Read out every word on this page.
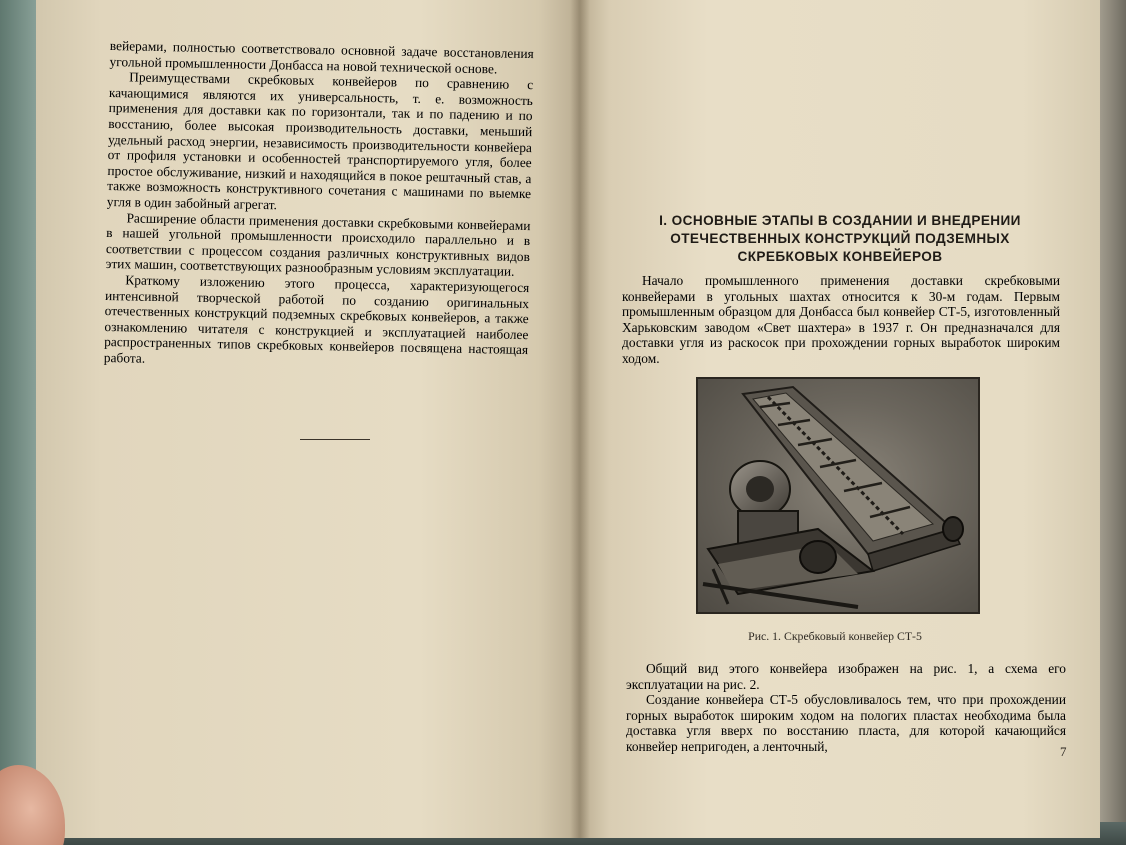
вейерами, полностью соответствовало основной задаче восстановления угольной промышленности Донбасса на новой технической основе.

Преимуществами скребковых конвейеров по сравнению с качающимися являются их универсальность, т. е. возможность применения для доставки как по горизонтали, так и по падению и по восстанию, более высокая производительность доставки, меньший удельный расход энергии, независимость производительности конвейера от профиля установки и особенностей транспортируемого угля, более простое обслуживание, низкий и находящийся в покое рештачный став, а также возможность конструктивного сочетания с машинами по выемке угля в один забойный агрегат.

Расширение области применения доставки скребковыми конвейерами в нашей угольной промышленности происходило параллельно и в соответствии с процессом создания различных конструктивных видов этих машин, соответствующих разнообразным условиям эксплуатации.

Краткому изложению этого процесса, характеризующегося интенсивной творческой работой по созданию оригинальных отечественных конструкций подземных скребковых конвейеров, а также ознакомлению читателя с конструкцией и эксплуатацией наиболее распространенных типов скребковых конвейеров посвящена настоящая работа.

I. ОСНОВНЫЕ ЭТАПЫ В СОЗДАНИИ И ВНЕДРЕНИИ ОТЕЧЕСТВЕННЫХ КОНСТРУКЦИЙ ПОДЗЕМНЫХ СКРЕБКОВЫХ КОНВЕЙЕРОВ

Начало промышленного применения доставки скребковыми конвейерами в угольных шахтах относится к 30-м годам. Первым промышленным образцом для Донбасса был конвейер СТ-5, изготовленный Харьковским заводом «Свет шахтера» в 1937 г. Он предназначался для доставки угля из раскосок при прохождении горных выработок широким ходом.

Рис. 1. Скребковый конвейер СТ-5

Общий вид этого конвейера изображен на рис. 1, а схема его эксплуатации на рис. 2.

Создание конвейера СТ-5 обусловливалось тем, что при прохождении горных выработок широким ходом на пологих пластах необходима была доставка угля вверх по восстанию пласта, для которой качающийся конвейер непригоден, а ленточный,	7
